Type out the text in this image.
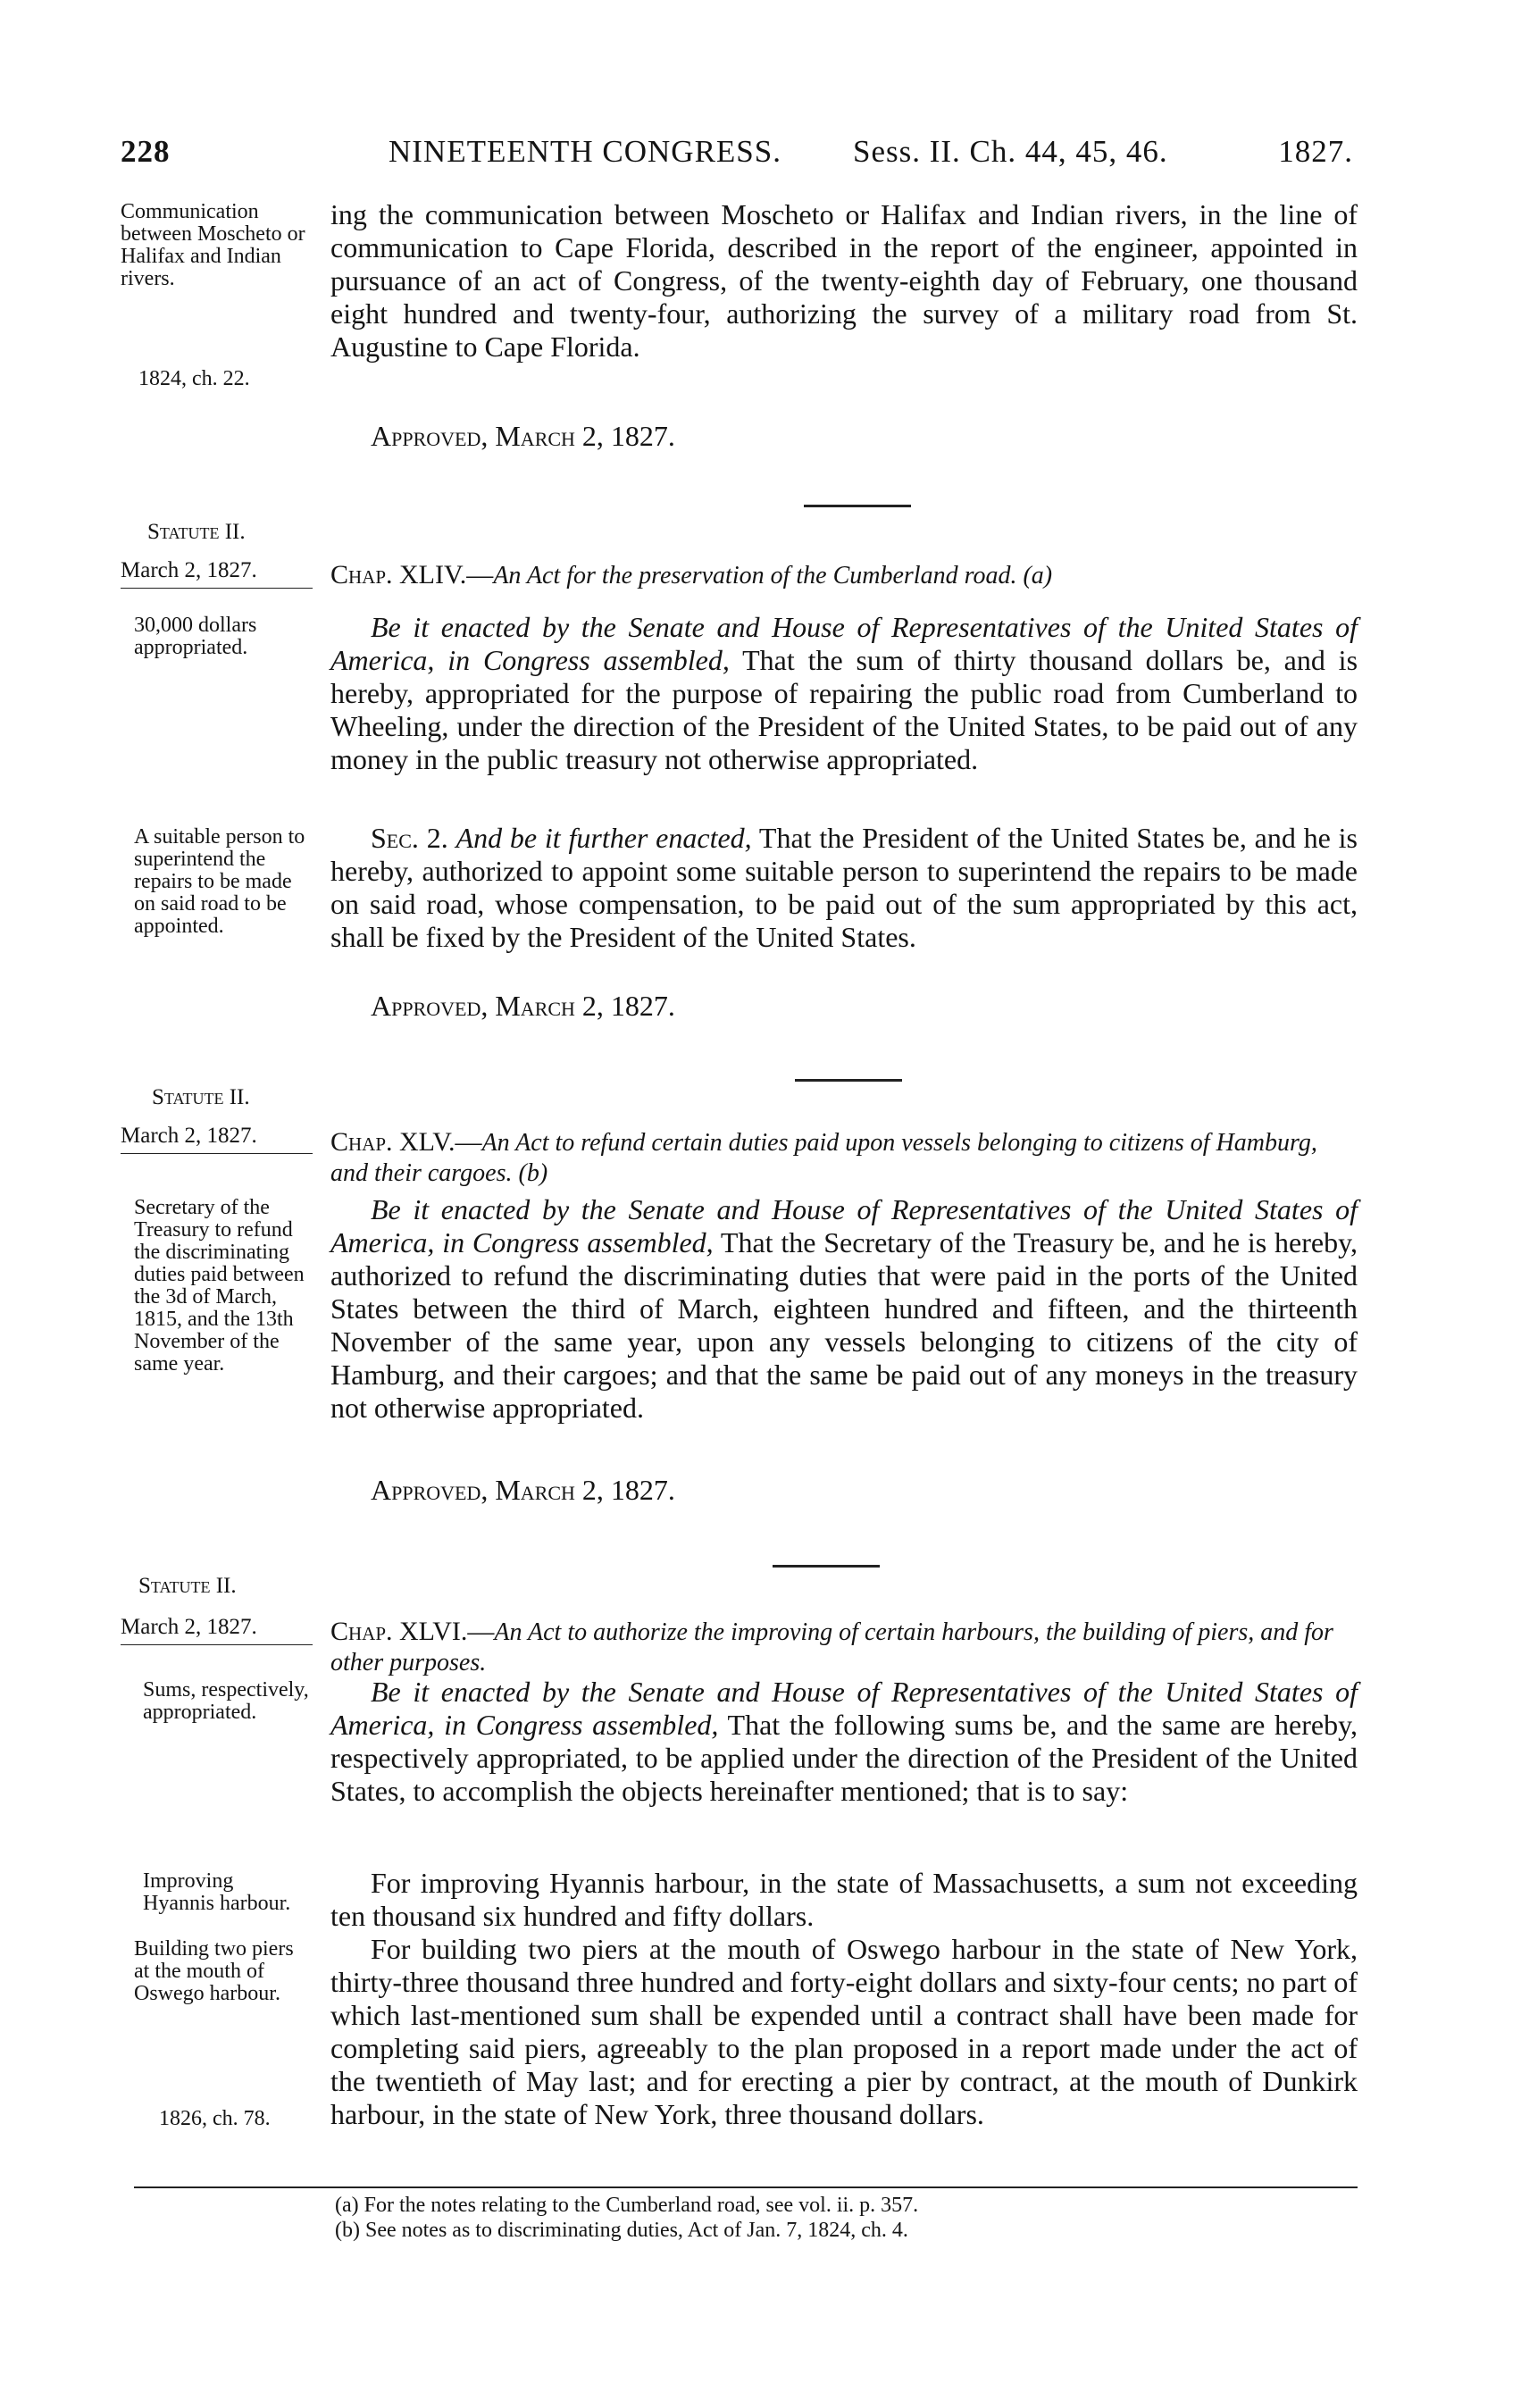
228	NINETEENTH CONGRESS. Sess. II. Ch. 44, 45, 46.	1827.
Communication between Moscheto or Halifax and Indian rivers.
1824, ch. 22.
ing the communication between Moscheto or Halifax and Indian rivers, in the line of communication to Cape Florida, described in the report of the engineer, appointed in pursuance of an act of Congress, of the twenty-eighth day of February, one thousand eight hundred and twenty-four, authorizing the survey of a military road from St. Augustine to Cape Florida.
Approved, March 2, 1827.
Statute II.
March 2, 1827.	Chap. XLIV.—An Act for the preservation of the Cumberland road. (a)
30,000 dollars appropriated.
Be it enacted by the Senate and House of Representatives of the United States of America, in Congress assembled, That the sum of thirty thousand dollars be, and is hereby, appropriated for the purpose of repairing the public road from Cumberland to Wheeling, under the direction of the President of the United States, to be paid out of any money in the public treasury not otherwise appropriated.
A suitable person to superintend the repairs to be made on said road to be appointed.
Sec. 2. And be it further enacted, That the President of the United States be, and he is hereby, authorized to appoint some suitable person to superintend the repairs to be made on said road, whose compensation, to be paid out of the sum appropriated by this act, shall be fixed by the President of the United States.
Approved, March 2, 1827.
Statute II.
March 2, 1827.	Chap. XLV.—An Act to refund certain duties paid upon vessels belonging to citizens of Hamburg, and their cargoes. (b)
Secretary of the Treasury to refund the discriminating duties paid between the 3d of March, 1815, and the 13th November of the same year.
Be it enacted by the Senate and House of Representatives of the United States of America, in Congress assembled, That the Secretary of the Treasury be, and he is hereby, authorized to refund the discriminating duties that were paid in the ports of the United States between the third of March, eighteen hundred and fifteen, and the thirteenth November of the same year, upon any vessels belonging to citizens of the city of Hamburg, and their cargoes; and that the same be paid out of any moneys in the treasury not otherwise appropriated.
Approved, March 2, 1827.
Statute II.
March 2, 1827.	Chap. XLVI.—An Act to authorize the improving of certain harbours, the building of piers, and for other purposes.
Sums, respectively, appropriated.
Be it enacted by the Senate and House of Representatives of the United States of America, in Congress assembled, That the following sums be, and the same are hereby, respectively appropriated, to be applied under the direction of the President of the United States, to accomplish the objects hereinafter mentioned; that is to say:
Improving Hyannis harbour.
For improving Hyannis harbour, in the state of Massachusetts, a sum not exceeding ten thousand six hundred and fifty dollars.
Building two piers at the mouth of Oswego harbour.
For building two piers at the mouth of Oswego harbour in the state of New York, thirty-three thousand three hundred and forty-eight dollars and sixty-four cents; no part of which last-mentioned sum shall be expended until a contract shall have been made for completing said piers, agreeably to the plan proposed in a report made under the act of the twentieth of May last; and for erecting a pier by contract, at the mouth of Dunkirk harbour, in the state of New York, three thousand dollars.
1826, ch. 78.
(a) For the notes relating to the Cumberland road, see vol. ii. p. 357.
(b) See notes as to discriminating duties, Act of Jan. 7, 1824, ch. 4.
